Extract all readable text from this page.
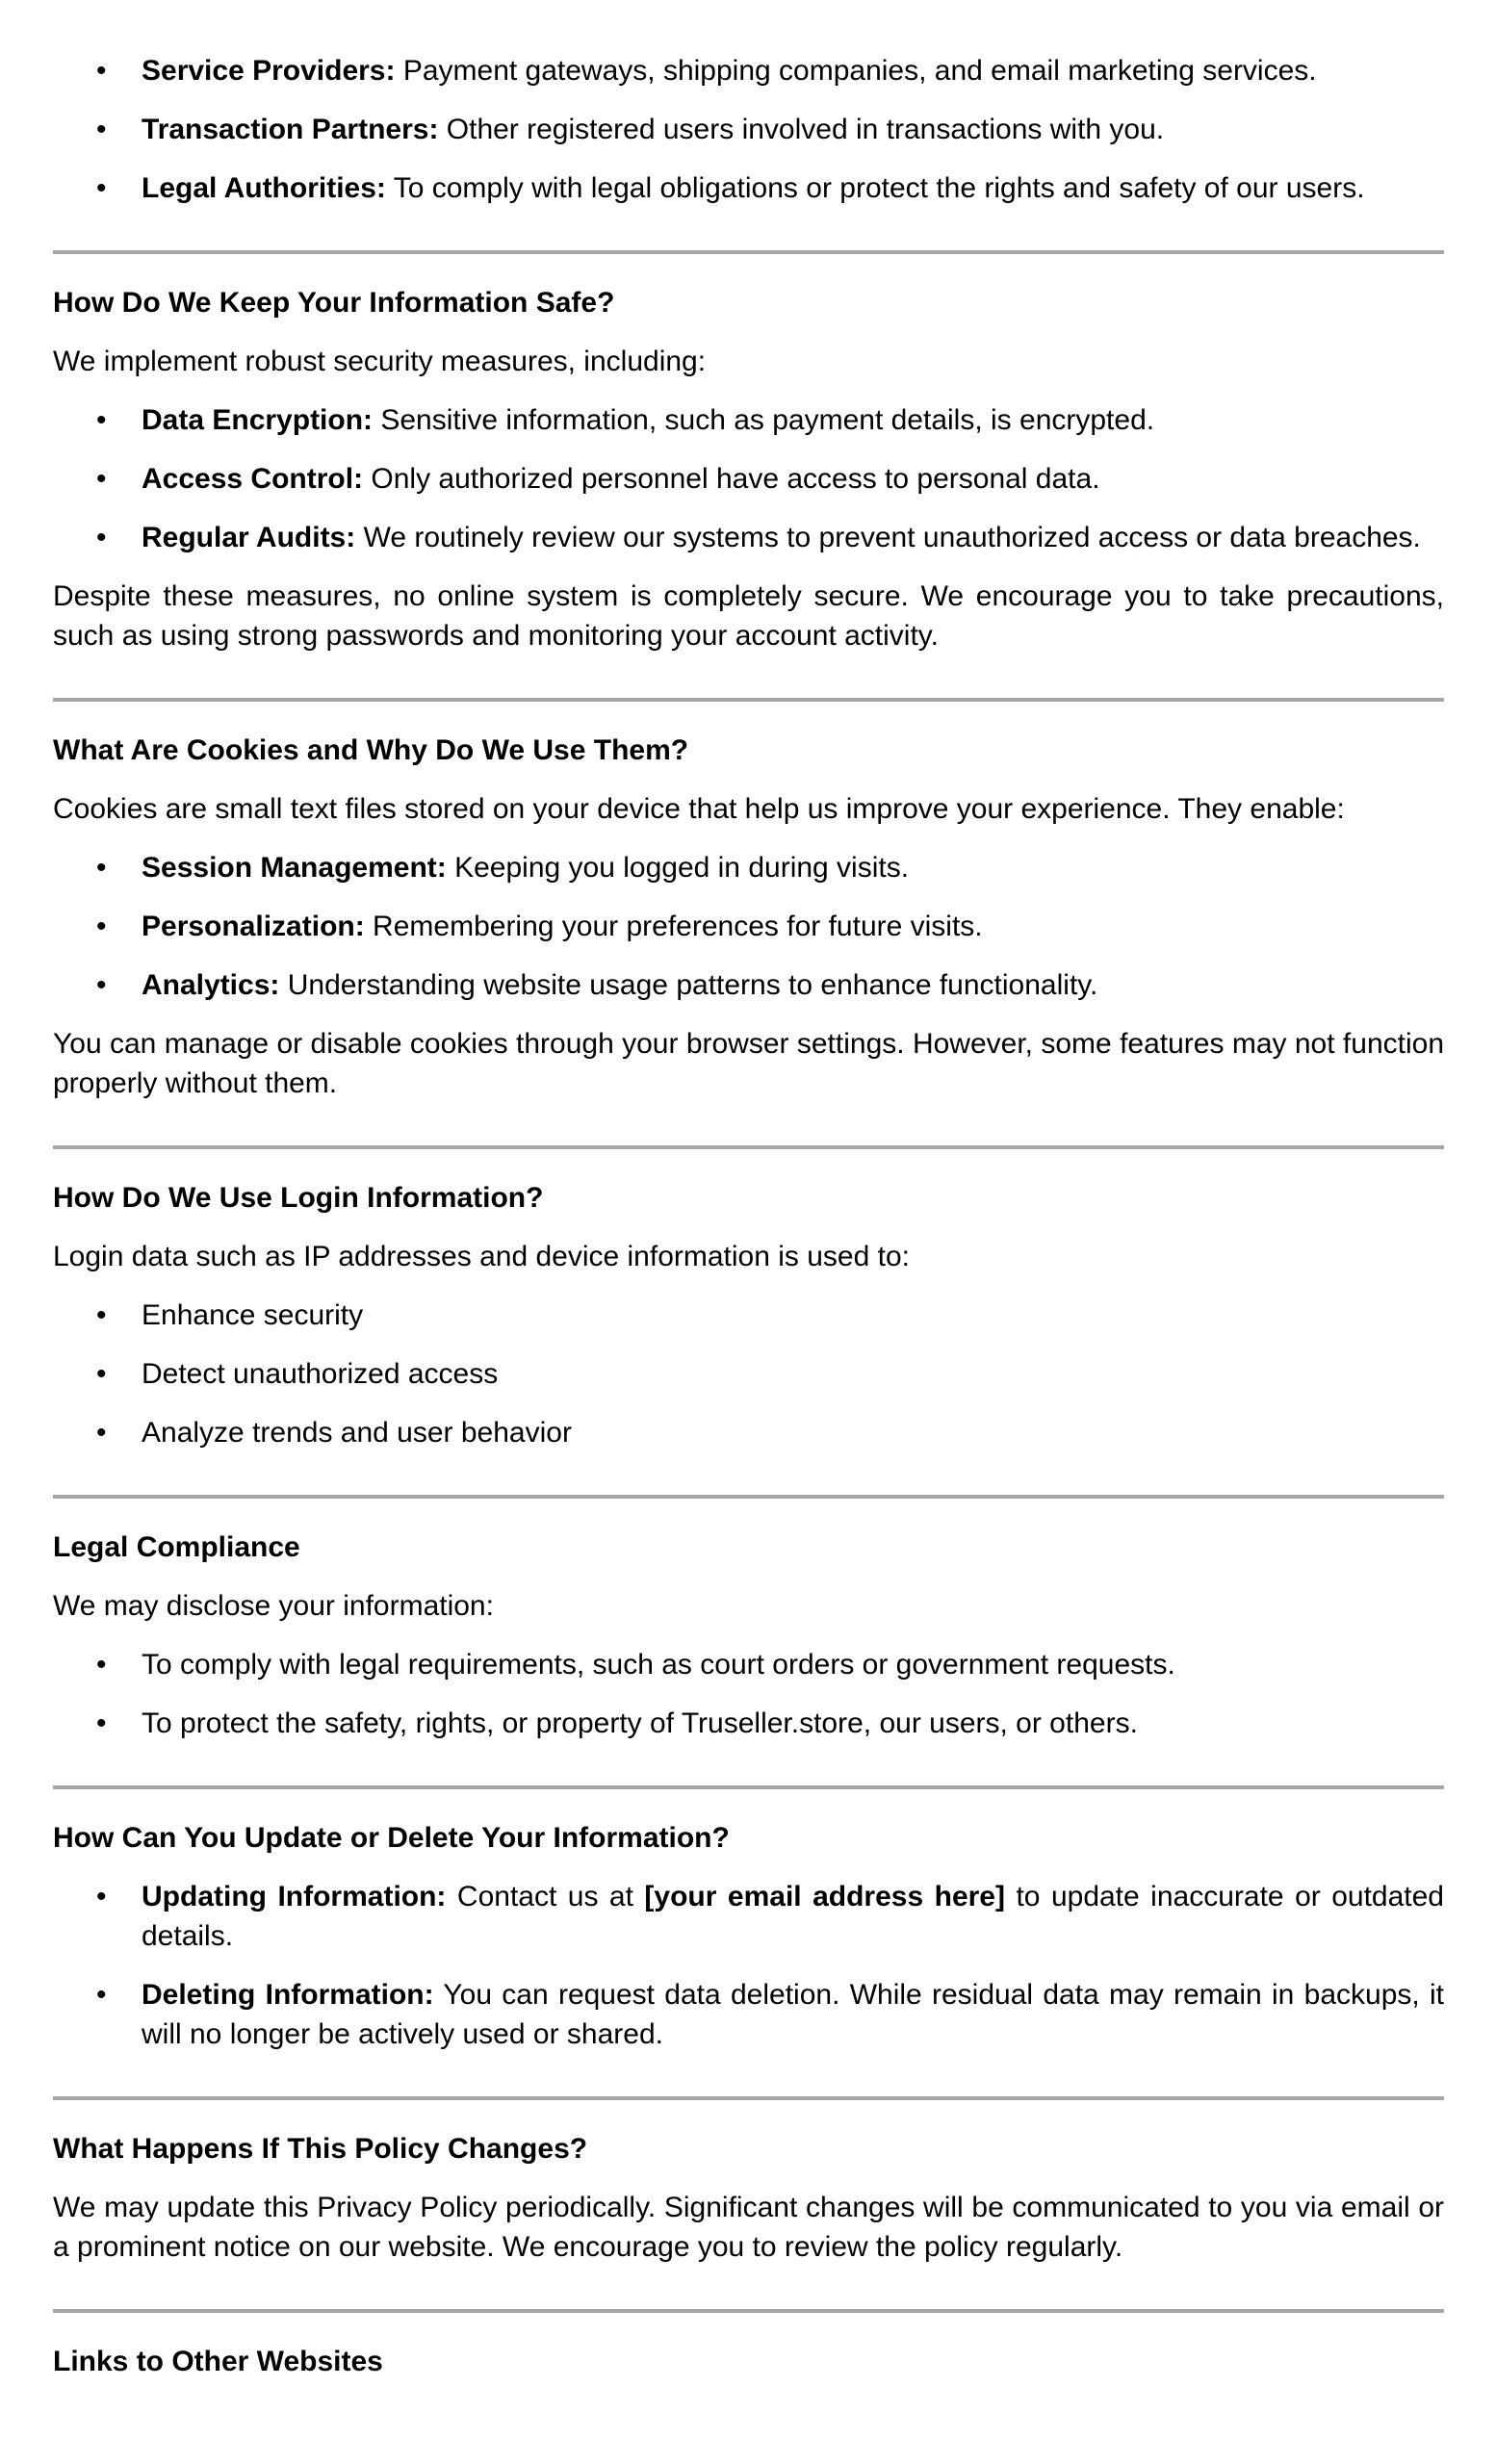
• Service Providers: Payment gateways, shipping companies, and email marketing services.
• Transaction Partners: Other registered users involved in transactions with you.
• Legal Authorities: To comply with legal obligations or protect the rights and safety of our users.
How Do We Keep Your Information Safe?

We implement robust security measures, including:

• Data Encryption: Sensitive information, such as payment details, is encrypted.
• Access Control: Only authorized personnel have access to personal data.
• Regular Audits: We routinely review our systems to prevent unauthorized access or data breaches.

Despite these measures, no online system is completely secure. We encourage you to take precautions, such as using strong passwords and monitoring your account activity.

What Are Cookies and Why Do We Use Them?

Cookies are small text files stored on your device that help us improve your experience. They enable:

• Session Management: Keeping you logged in during visits.
• Personalization: Remembering your preferences for future visits.
• Analytics: Understanding website usage patterns to enhance functionality.

You can manage or disable cookies through your browser settings. However, some features may not function properly without them.

How Do We Use Login Information?

Login data such as IP addresses and device information is used to:

• Enhance security
• Detect unauthorized access
• Analyze trends and user behavior
Legal Compliance

We may disclose your information:

• To comply with legal requirements, such as court orders or government requests.
• To protect the safety, rights, or property of Truseller.store, our users, or others.
How Can You Update or Delete Your Information?
• Updating Information: Contact us at [your email address here] to update inaccurate or outdated details.
• Deleting Information: You can request data deletion. While residual data may remain in backups, it will no longer be actively used or shared.
What Happens If This Policy Changes?

We may update this Privacy Policy periodically. Significant changes will be communicated to you via email or a prominent notice on our website. We encourage you to review the policy regularly.

Links to Other Websites
